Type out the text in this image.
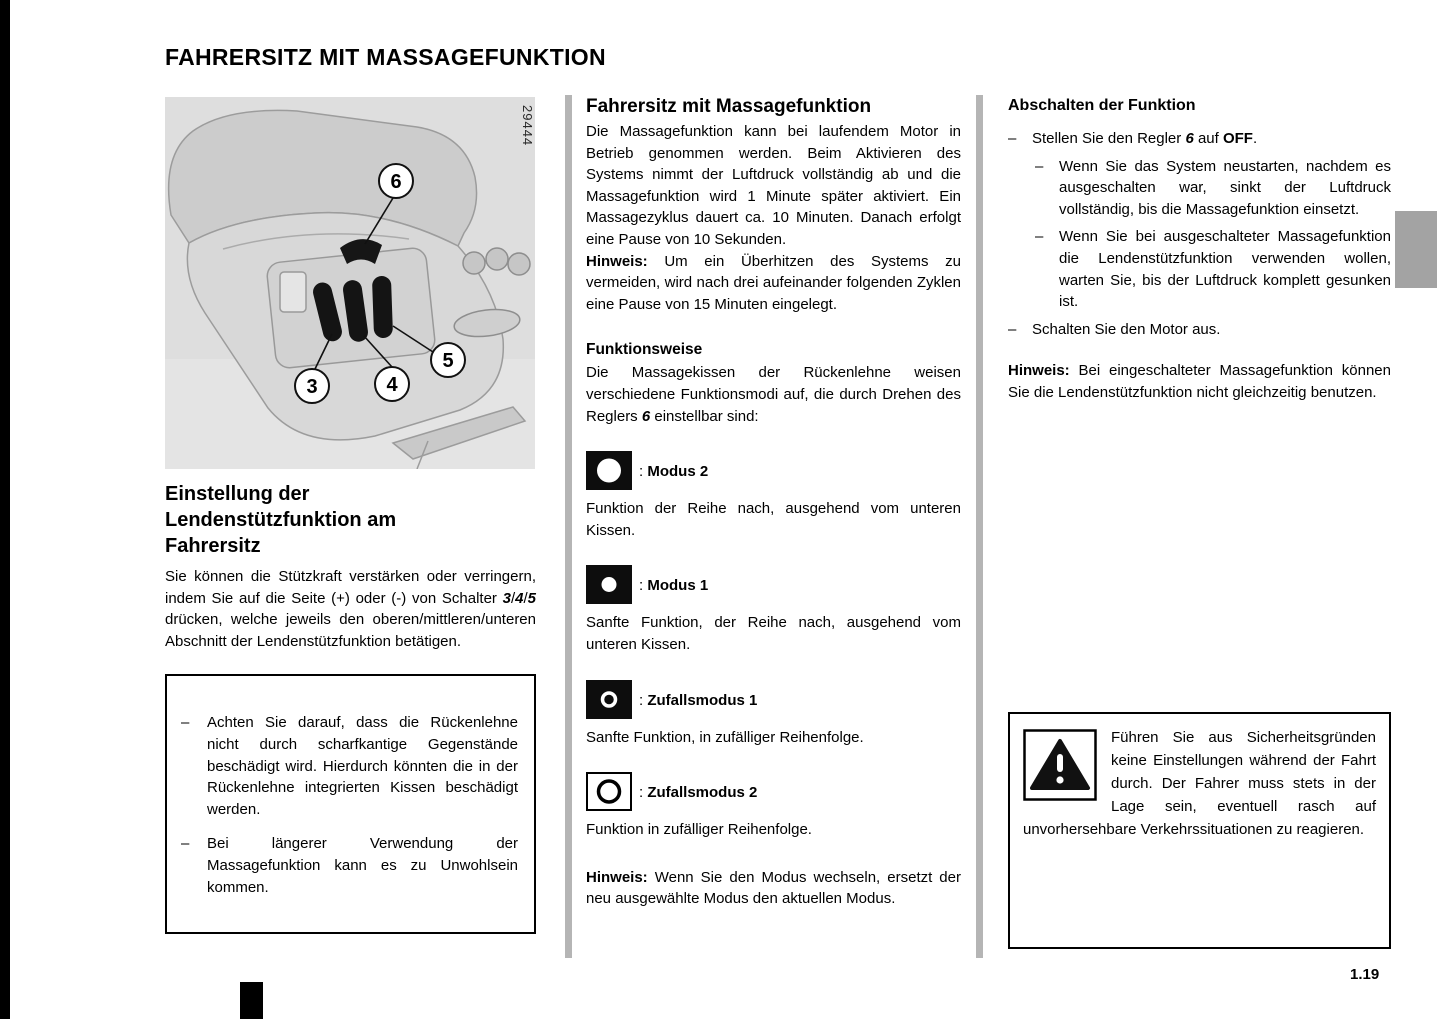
FAHRERSITZ MIT MASSAGEFUNKTION
6
3	4
5
29444
Einstellung der Lendenstützfunktion am Fahrersitz

Sie können die Stützkraft verstärken oder verringern, indem Sie auf die Seite (+) oder (-) von Schalter 3/4/5 drücken, welche jeweils den oberen/mittleren/unteren Abschnitt der Lendenstützfunktion betätigen.

–	Achten Sie darauf, dass die Rückenlehne nicht durch scharfkantige Gegenstände beschädigt wird. Hierdurch könnten die in der Rückenlehne integrierten Kissen beschädigt werden.

–	Bei längerer Verwendung der Massagefunktion kann es zu Unwohlsein kommen.

Fahrersitz mit Massagefunktion

Die Massagefunktion kann bei laufendem Motor in Betrieb genommen werden. Beim Aktivieren des Systems nimmt der Luftdruck vollständig ab und die Massagefunktion wird 1 Minute später aktiviert. Ein Massagezyklus dauert ca. 10 Minuten. Danach erfolgt eine Pause von 10 Sekunden.

Hinweis: Um ein Überhitzen des Systems zu vermeiden, wird nach drei aufeinander folgenden Zyklen eine Pause von 15 Minuten eingelegt.

Funktionsweise

Die Massagekissen der Rückenlehne weisen verschiedene Funktionsmodi auf, die durch Drehen des Reglers 6 einstellbar sind:

: Modus 2

Funktion der Reihe nach, ausgehend vom unteren Kissen.

: Modus 1

Sanfte Funktion, der Reihe nach, ausgehend vom unteren Kissen.

: Zufallsmodus 1

Sanfte Funktion, in zufälliger Reihenfolge.

: Zufallsmodus 2

Funktion in zufälliger Reihenfolge.

Hinweis: Wenn Sie den Modus wechseln, ersetzt der neu ausgewählte Modus den aktuellen Modus.

Abschalten der Funktion
–	Stellen Sie den Regler 6 auf OFF.

–	Wenn Sie das System neustarten, nachdem es ausgeschalten war, sinkt der Luftdruck vollständig, bis die Massagefunktion einsetzt.

–	Wenn Sie bei ausgeschalteter Massagefunktion die Lendenstützfunktion verwenden wollen, warten Sie, bis der Luftdruck komplett gesunken ist.

–	Schalten Sie den Motor aus.

Hinweis: Bei eingeschalteter Massagefunktion können Sie die Lendenstützfunktion nicht gleichzeitig benutzen.

Führen Sie aus Sicherheitsgründen keine Einstellungen während der Fahrt durch. Der Fahrer muss stets in der Lage sein, eventuell rasch auf unvorhersehbare Verkehrssituationen zu reagieren.

1.19
